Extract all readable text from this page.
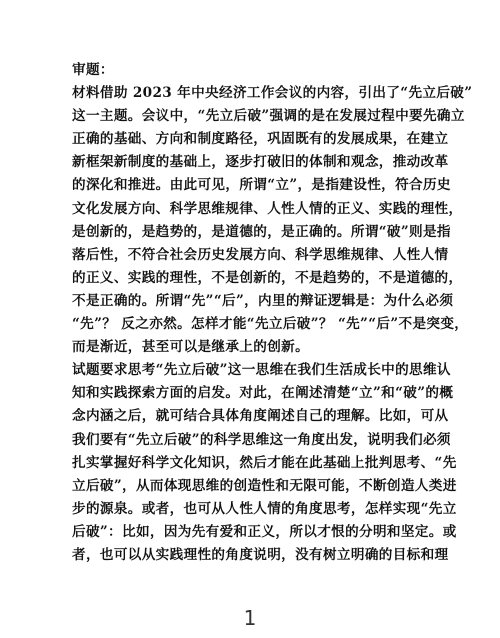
审题：
材料借助 2023 年中央经济工作会议的内容，引出了“先立后破”
这一主题。会议中，“先立后破”强调的是在发展过程中要先确立
正确的基础、方向和制度路径，巩固既有的发展成果，在建立
新框架新制度的基础上，逐步打破旧的体制和观念，推动改革
的深化和推进。由此可见，所谓“立”，是指建设性，符合历史
文化发展方向、科学思维规律、人性人情的正义、实践的理性，
是创新的，是趋势的，是道德的，是正确的。所谓“破”则是指
落后性，不符合社会历史发展方向、科学思维规律、人性人情
的正义、实践的理性，不是创新的，不是趋势的，不是道德的，
不是正确的。所谓“先”“后”，内里的辩证逻辑是：为什么必须
“先”？ 反之亦然。怎样才能“先立后破”？ “先”“后”不是突变，
而是渐近，甚至可以是继承上的创新。
试题要求思考“先立后破”这一思维在我们生活成长中的思维认
知和实践探索方面的启发。对此，在阐述清楚“立”和“破”的概
念内涵之后，就可结合具体角度阐述自己的理解。比如，可从
我们要有“先立后破”的科学思维这一角度出发，说明我们必须
扎实掌握好科学文化知识，然后才能在此基础上批判思考、“先
立后破”，从而体现思维的创造性和无限可能，不断创造人类进
步的源泉。或者，也可从人性人情的角度思考，怎样实现“先立
后破”：比如，因为先有爱和正义，所以才恨的分明和坚定。或
者，也可以从实践理性的角度说明，没有树立明确的目标和理
1
